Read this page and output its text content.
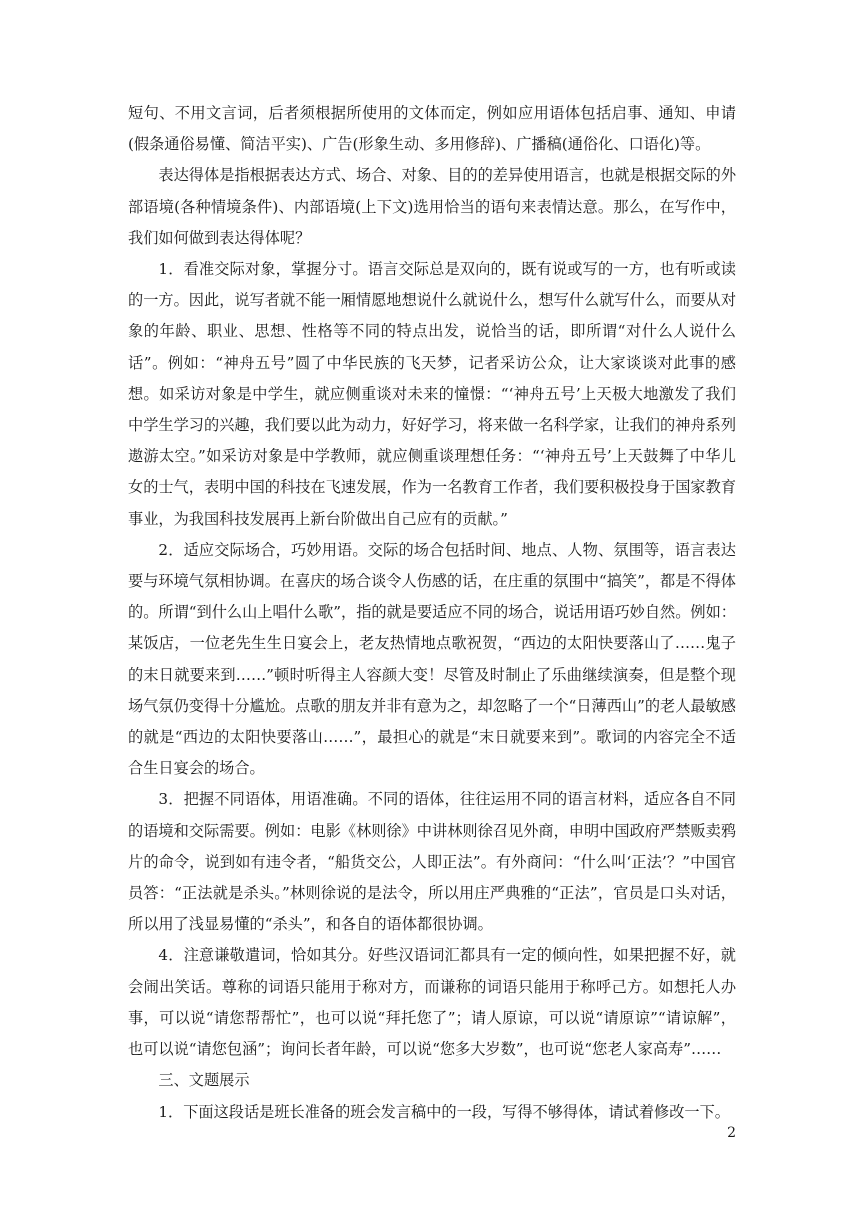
短句、不用文言词，后者须根据所使用的文体而定，例如应用语体包括启事、通知、申请(假条通俗易懂、简洁平实)、广告(形象生动、多用修辞)、广播稿(通俗化、口语化)等。

表达得体是指根据表达方式、场合、对象、目的的差异使用语言，也就是根据交际的外部语境(各种情境条件)、内部语境(上下文)选用恰当的语句来表情达意。那么，在写作中，我们如何做到表达得体呢？

1．看准交际对象，掌握分寸。语言交际总是双向的，既有说或写的一方，也有听或读的一方。因此，说写者就不能一厢情愿地想说什么就说什么，想写什么就写什么，而要从对象的年龄、职业、思想、性格等不同的特点出发，说恰当的话，即所谓“对什么人说什么话”。例如：“神舟五号”圆了中华民族的飞天梦，记者采访公众，让大家谈谈对此事的感想。如采访对象是中学生，就应侧重谈对未来的憧憬：“‘神舟五号’上天极大地激发了我们中学生学习的兴趣，我们要以此为动力，好好学习，将来做一名科学家，让我们的神舟系列遨游太空。”如采访对象是中学教师，就应侧重谈理想任务：“‘神舟五号’上天鼓舞了中华儿女的士气，表明中国的科技在飞速发展，作为一名教育工作者，我们要积极投身于国家教育事业，为我国科技发展再上新台阶做出自己应有的贡献。”

2．适应交际场合，巧妙用语。交际的场合包括时间、地点、人物、氛围等，语言表达要与环境气氛相协调。在喜庆的场合谈令人伤感的话，在庄重的氛围中“搞笑”，都是不得体的。所谓“到什么山上唱什么歌”，指的就是要适应不同的场合，说话用语巧妙自然。例如：某饭店，一位老先生生日宴会上，老友热情地点歌祝贺，“西边的太阳快要落山了……鬼子的末日就要来到……”顿时听得主人容颜大变！尽管及时制止了乐曲继续演奏，但是整个现场气氛仍变得十分尴尬。点歌的朋友并非有意为之，却忽略了一个“日薄西山”的老人最敏感的就是“西边的太阳快要落山……”，最担心的就是“末日就要来到”。歌词的内容完全不适合生日宴会的场合。

3．把握不同语体，用语准确。不同的语体，往往运用不同的语言材料，适应各自不同的语境和交际需要。例如：电影《林则徐》中讲林则徐召见外商，申明中国政府严禁贩卖鸦片的命令，说到如有违令者，“船货交公，人即正法”。有外商问：“什么叫‘正法’？”中国官员答：“正法就是杀头。”林则徐说的是法令，所以用庄严典雅的“正法”，官员是口头对话，所以用了浅显易懂的“杀头”，和各自的语体都很协调。

4．注意谦敬遣词，恰如其分。好些汉语词汇都具有一定的倾向性，如果把握不好，就会闹出笑话。尊称的词语只能用于称对方，而谦称的词语只能用于称呼己方。如想托人办事，可以说“请您帮帮忙”，也可以说“拜托您了”；请人原谅，可以说“请原谅”“请谅解”，也可以说“请您包涵”；询问长者年龄，可以说“您多大岁数”，也可说“您老人家高寿”……

三、文题展示

1．下面这段话是班长准备的班会发言稿中的一段，写得不够得体，请试着修改一下。

2
